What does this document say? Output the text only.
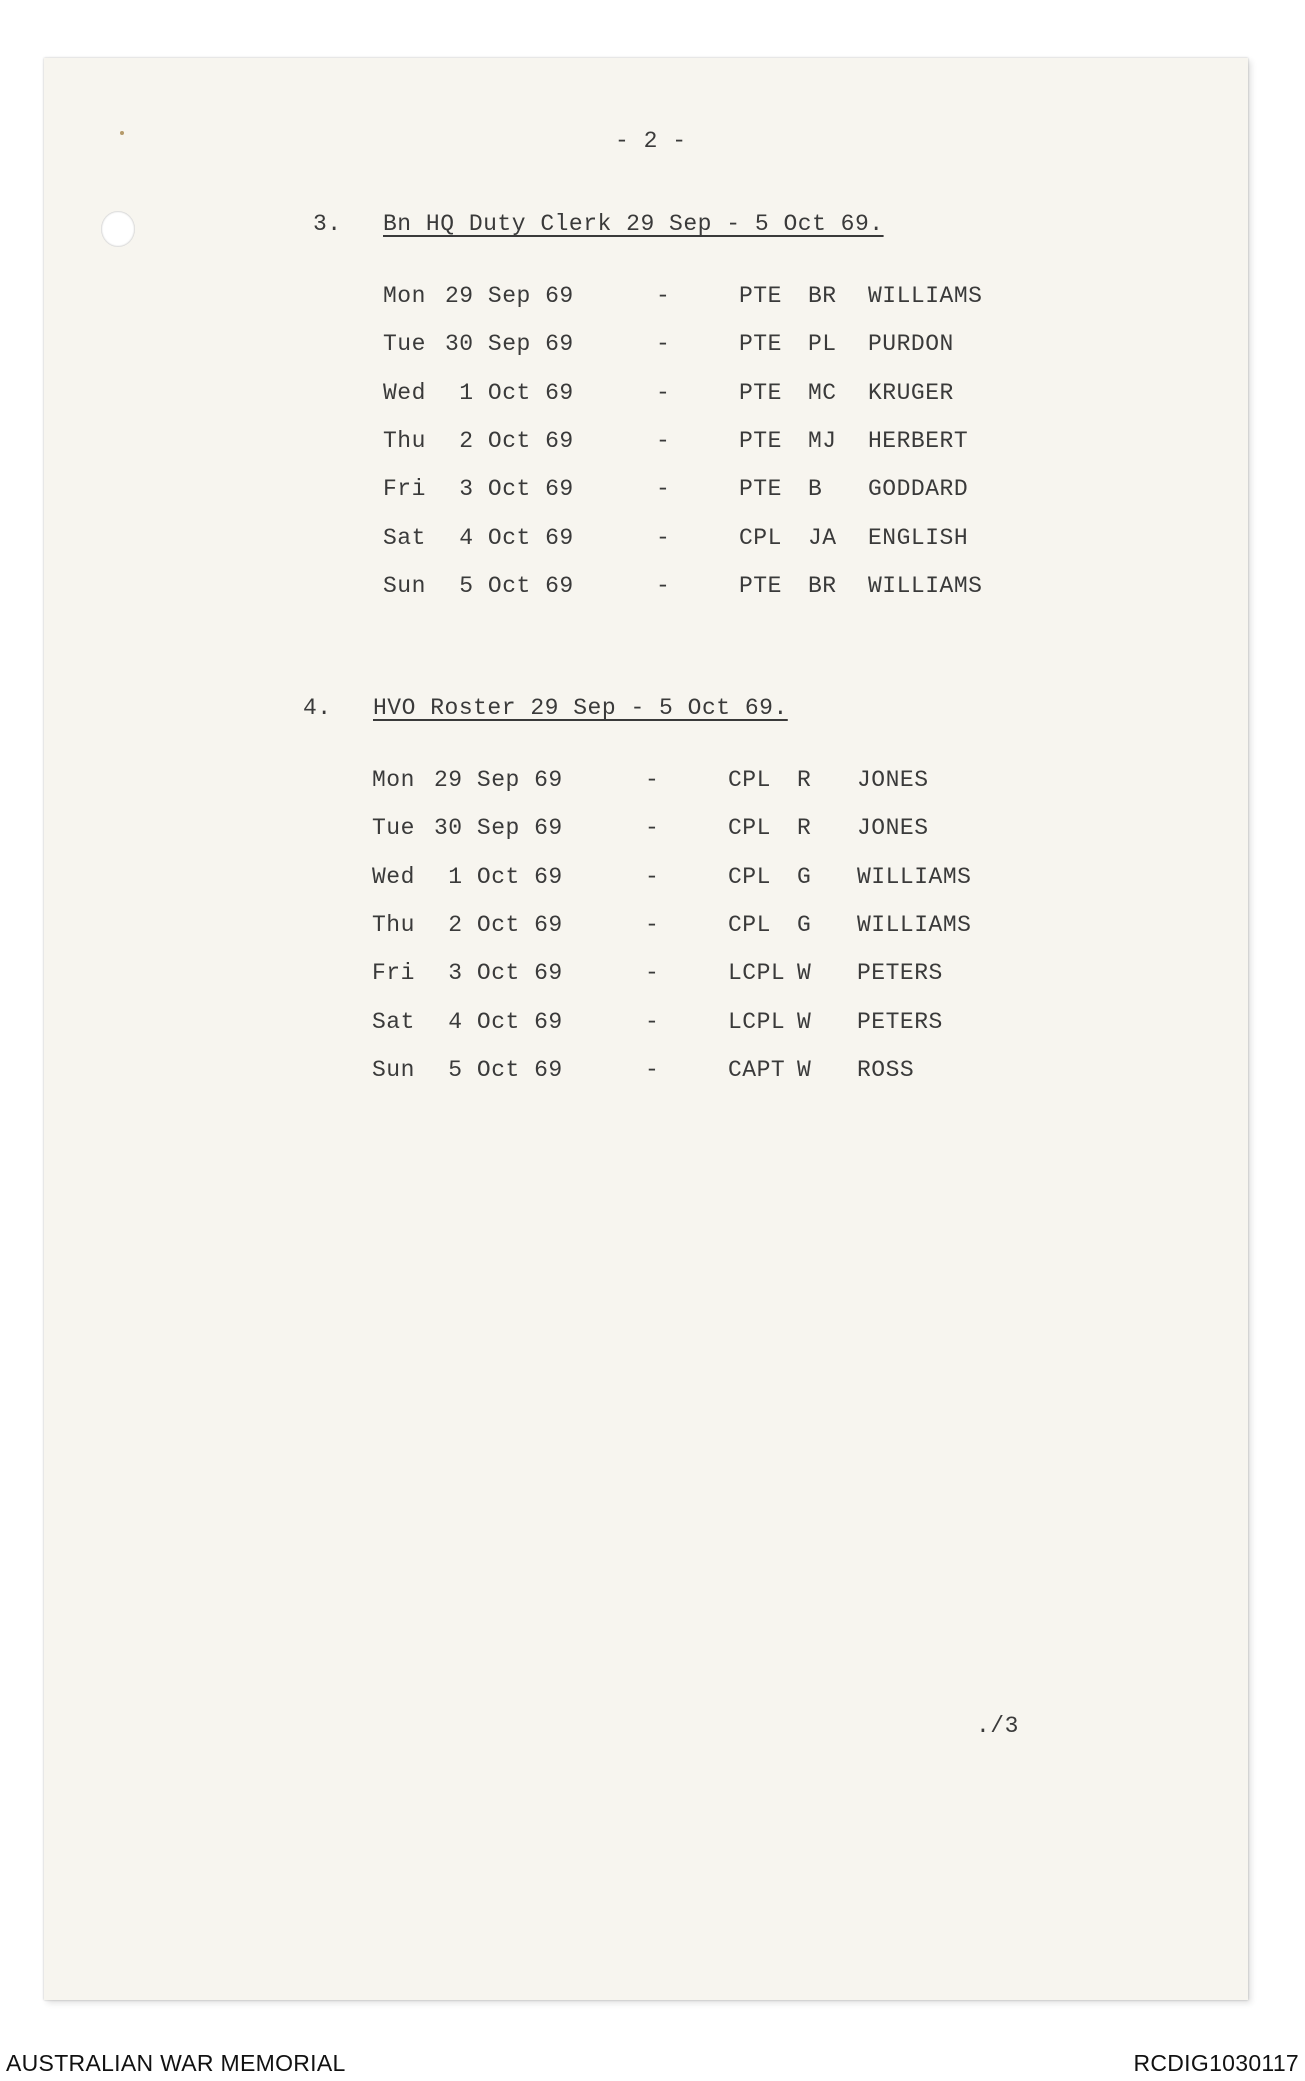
- 2 -

3.

Bn HQ Duty Clerk 29 Sep - 5 Oct 69.

Mon 29 Sep 69	-	PTE BR WILLIAMS
Tue 30 Sep 69	-	PTE PL PURDON
Wed 1 Oct 69	-	PTE MC KRUGER
Thu 2 Oct 69	-	PTE MJ HERBERT
Fri 3 Oct 69	-	PTE B GODDARD
Sat 4 Oct 69	-	CPL JA ENGLISH
Sun 5 Oct 69	-	PTE BR WILLIAMS

4.

HVO Roster 29 Sep - 5 Oct 69.

Mon 29 Sep 69	-	CPL R JONES
Tue 30 Sep 69	-	CPL R JONES
Wed 1 Oct 69	-	CPL G WILLIAMS
Thu 2 Oct 69	-	CPL G WILLIAMS
Fri 3 Oct 69	-	LCPL W PETERS
Sat 4 Oct 69	-	LCPL W PETERS
Sun 5 Oct 69	-	CAPT W ROSS
./3
AUSTRALIAN WAR MEMORIAL	RCDIG1030117
